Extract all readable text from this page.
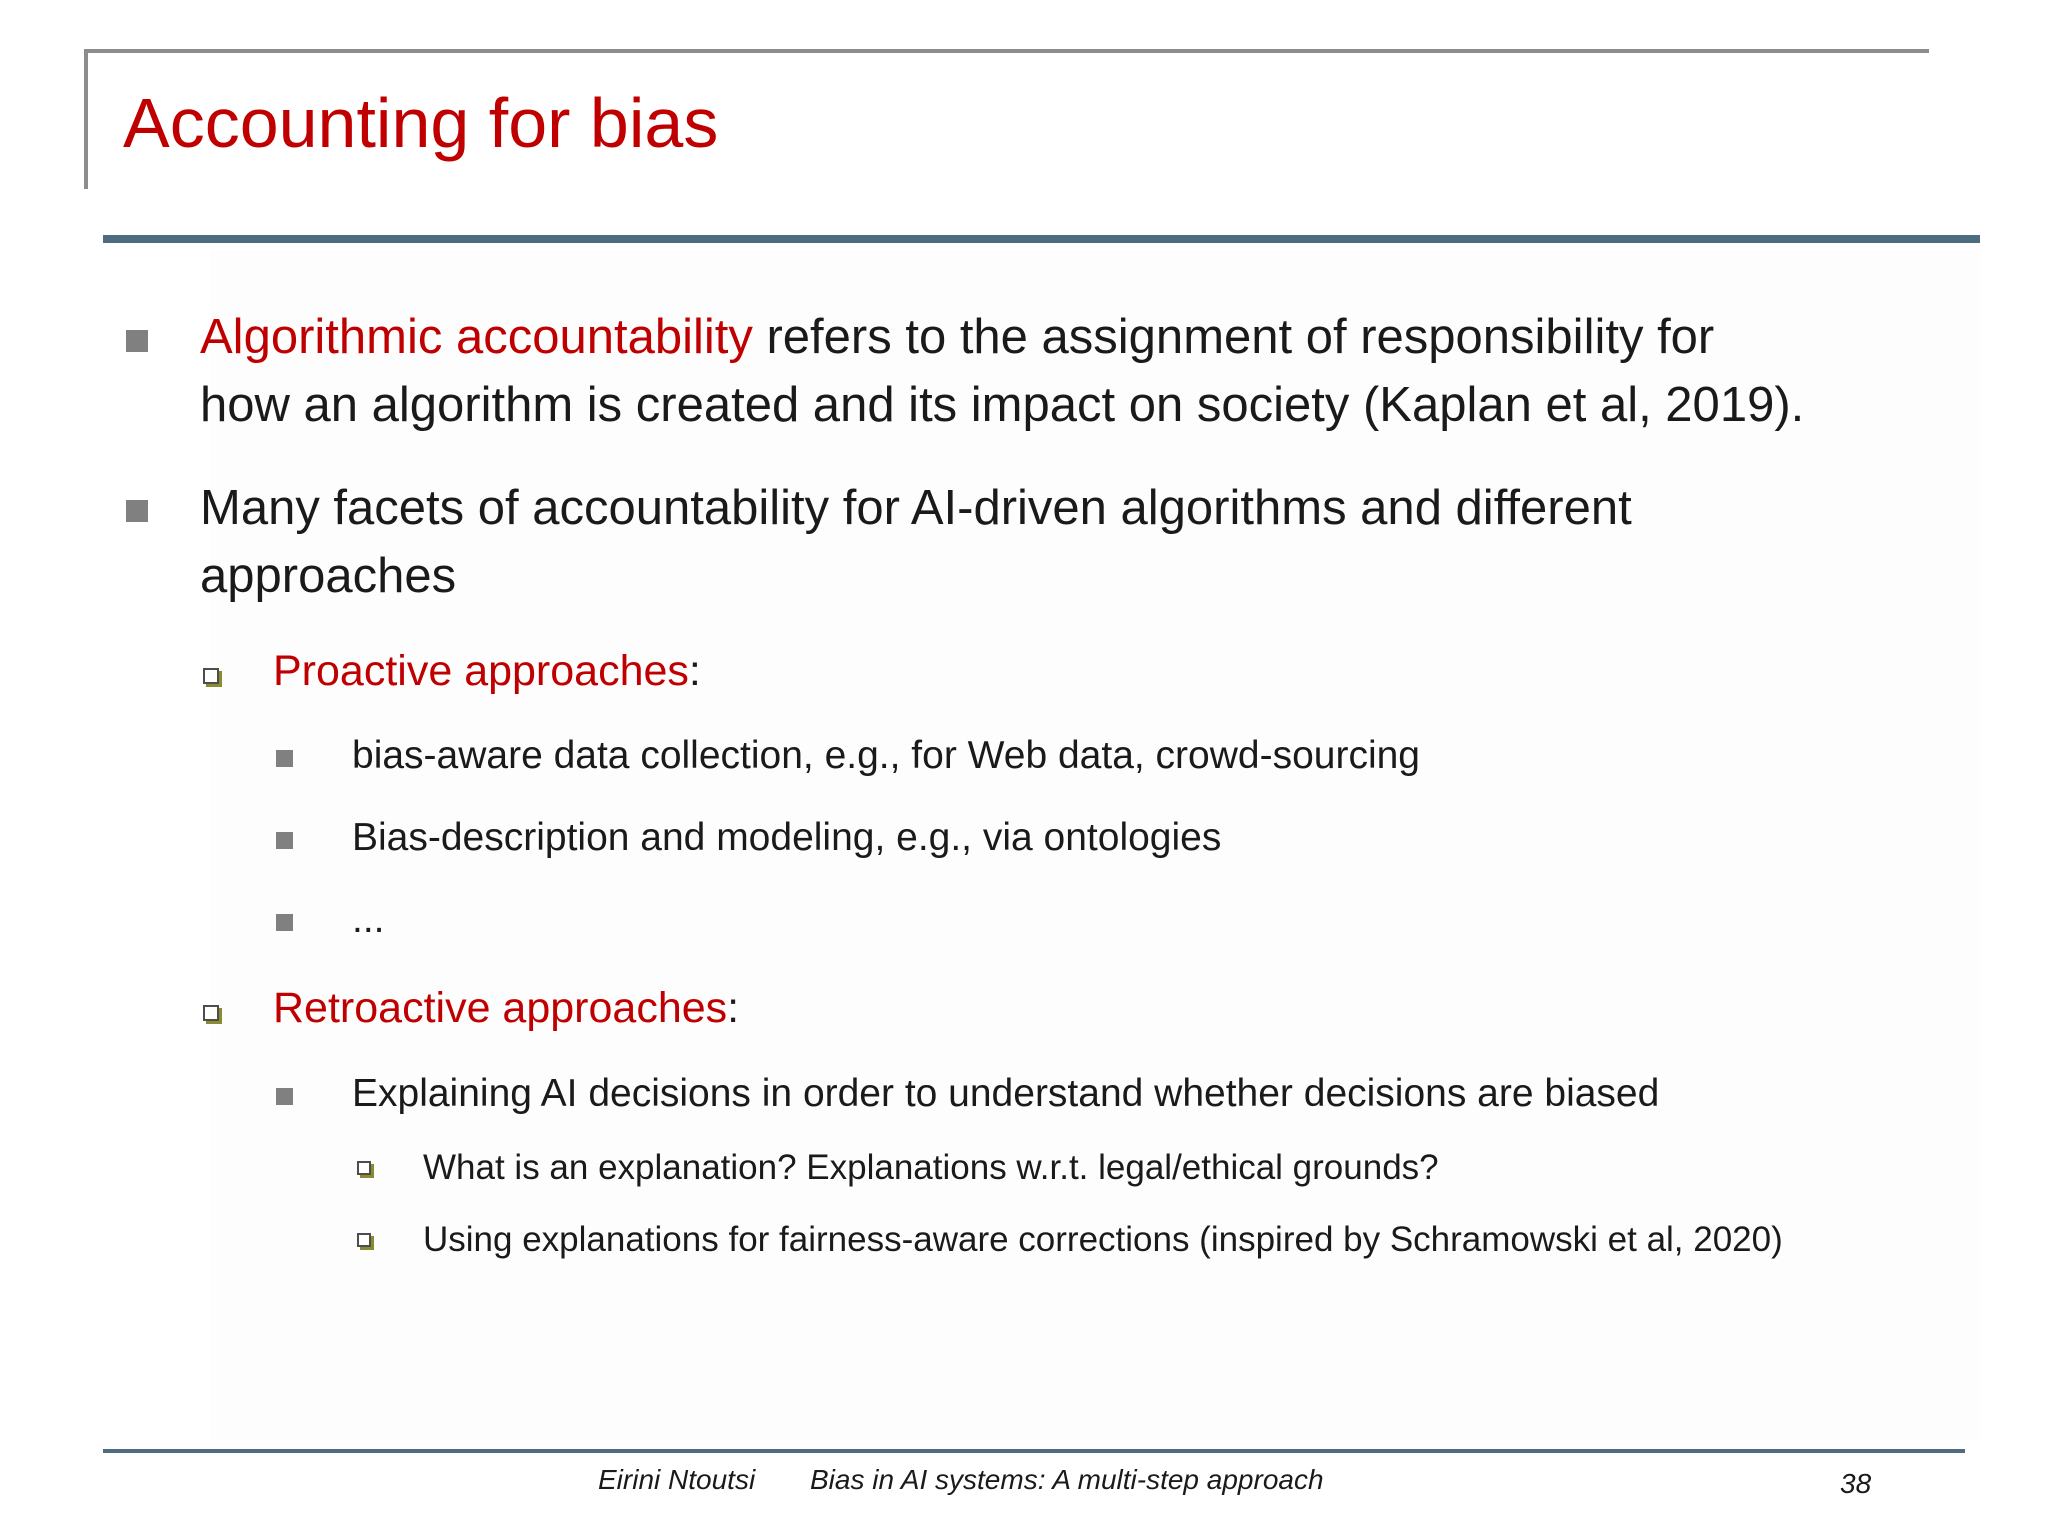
Accounting for bias
Algorithmic accountability refers to the assignment of responsibility for
how an algorithm is created and its impact on society (Kaplan et al, 2019).
Many facets of accountability for AI-driven algorithms and different
approaches
Proactive approaches:
bias-aware data collection, e.g., for Web data, crowd-sourcing
Bias-description and modeling, e.g., via ontologies
...
Retroactive approaches:
Explaining AI decisions in order to understand whether decisions are biased
What is an explanation? Explanations w.r.t. legal/ethical grounds?
Using explanations for fairness-aware corrections (inspired by Schramowski et al, 2020)
Eirini Ntoutsi Bias in AI systems: A multi-step approach	38
